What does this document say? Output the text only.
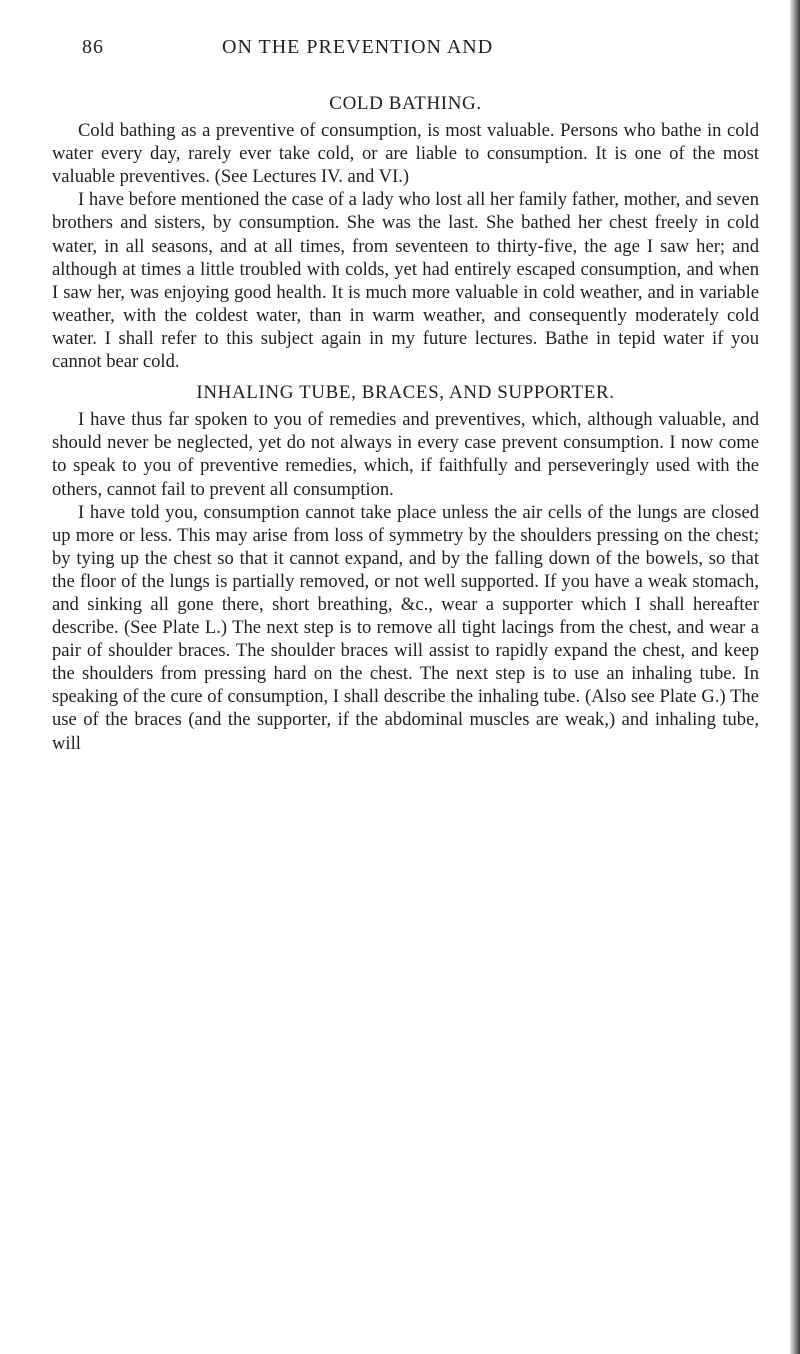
86	ON THE PREVENTION AND
COLD BATHING.

Cold bathing as a preventive of consumption, is most valuable. Persons who bathe in cold water every day, rarely ever take cold, or are liable to consumption. It is one of the most valuable preventives. (See Lectures IV. and VI.)

I have before mentioned the case of a lady who lost all her family father, mother, and seven brothers and sisters, by consumption. She was the last. She bathed her chest freely in cold water, in all seasons, and at all times, from seventeen to thirty-five, the age I saw her; and although at times a little troubled with colds, yet had entirely escaped consumption, and when I saw her, was enjoying good health. It is much more valuable in cold weather, and in variable weather, with the coldest water, than in warm weather, and consequently moderately cold water. I shall refer to this subject again in my future lectures. Bathe in tepid water if you cannot bear cold.

INHALING TUBE, BRACES, AND SUPPORTER.

I have thus far spoken to you of remedies and preventives, which, although valuable, and should never be neglected, yet do not always in every case prevent consumption. I now come to speak to you of preventive remedies, which, if faithfully and perseveringly used with the others, cannot fail to prevent all consumption.

I have told you, consumption cannot take place unless the air cells of the lungs are closed up more or less. This may arise from loss of symmetry by the shoulders pressing on the chest; by tying up the chest so that it cannot expand, and by the falling down of the bowels, so that the floor of the lungs is partially removed, or not well supported. If you have a weak stomach, and sinking all gone there, short breathing, &c., wear a supporter which I shall hereafter describe. (See Plate L.) The next step is to remove all tight lacings from the chest, and wear a pair of shoulder braces. The shoulder braces will assist to rapidly expand the chest, and keep the shoulders from pressing hard on the chest. The next step is to use an inhaling tube. In speaking of the cure of consumption, I shall describe the inhaling tube. (Also see Plate G.) The use of the braces (and the supporter, if the abdominal muscles are weak,) and inhaling tube, will
